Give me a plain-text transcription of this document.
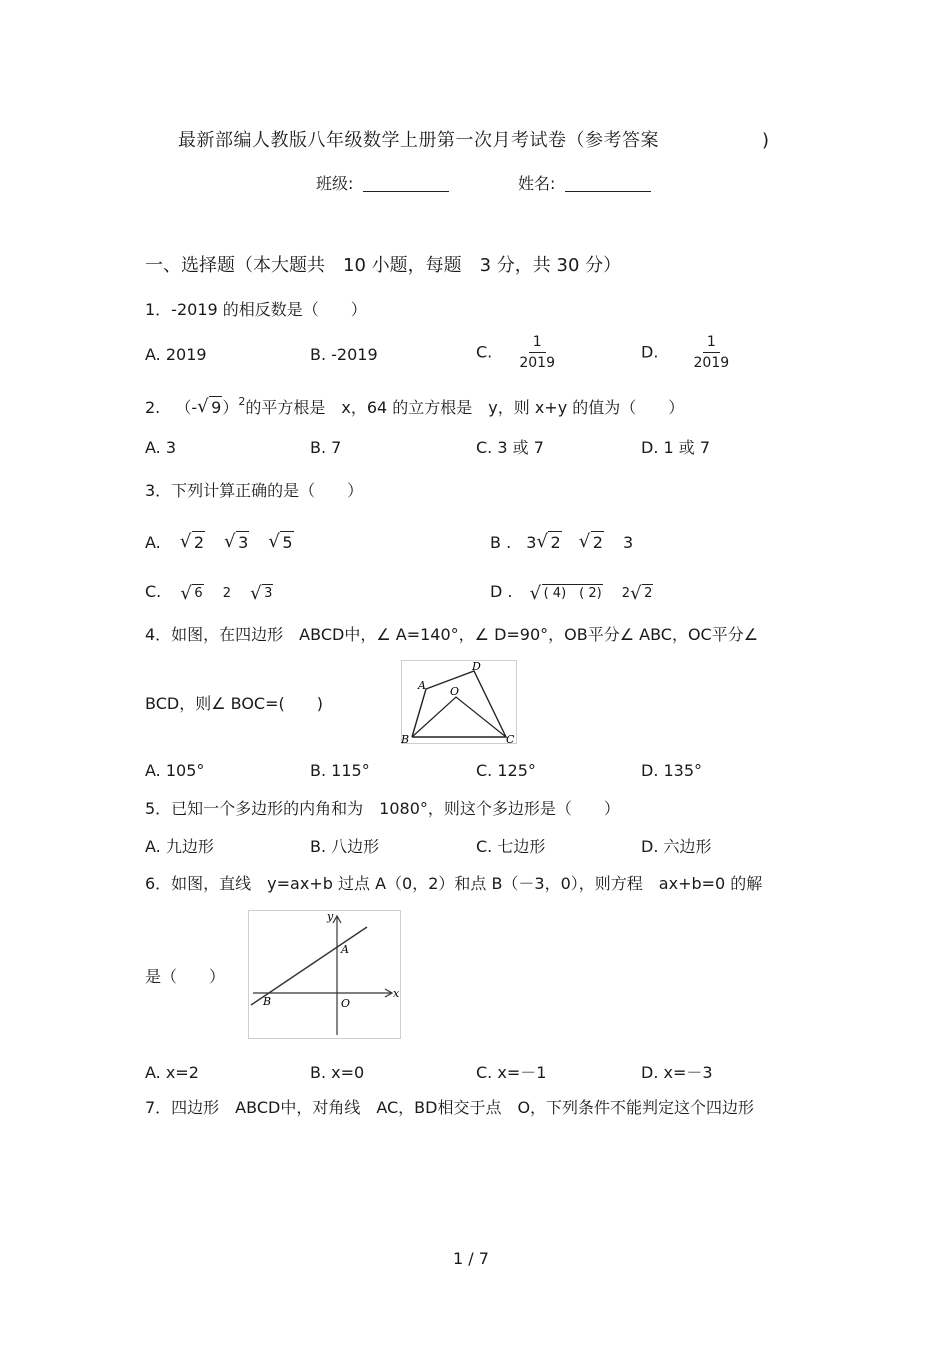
最新部编人教版八年级数学上册第一次月考试卷（参考答案	)
班级:	姓名:
一、选择题（本大题共　10 小题，每题　3 分，共 30 分）
1．-2019 的相反数是（　　）
A. 2019	B. -2019	C. $\frac{1}{2019}$	D.	$\frac{1}{2019}$
2. （- √ 9）$^2$的平方根是　x，64 的立方根是　y，则 x+y 的值为（　　）
A. 3	B. 7	C. 3 或 7	D. 1 或 7
3．下列计算正确的是（　　）
A. √ 2 √ 3 √ 5	B . 3 √ 2 √ 2 3
C. √ 6 2 √ 3	D . √ ( 4)　( 2) 2 √ 2
4．如图，在四边形　ABCD中，∠ A=140°，∠ D=90°，OB平分∠ ABC，OC平分∠
BCD，则∠ BOC=(　　)
A
B	C
D
O
A. 105°	B. 115°	C. 125°	D. 135°
5．已知一个多边形的内角和为　1080°，则这个多边形是（　　）
A. 九边形	B. 八边形	C. 七边形	D. 六边形
6．如图，直线　y=ax+b 过点 A（0，2）和点 B（－3，0），则方程　ax+b=0 的解
是（　　）
x
y
A
B	O
A. x=2	B. x=0	C. x=－1	D. x=－3
7．四边形　ABCD中，对角线　AC，BD相交于点　O，下列条件不能判定这个四边形
1 / 7
